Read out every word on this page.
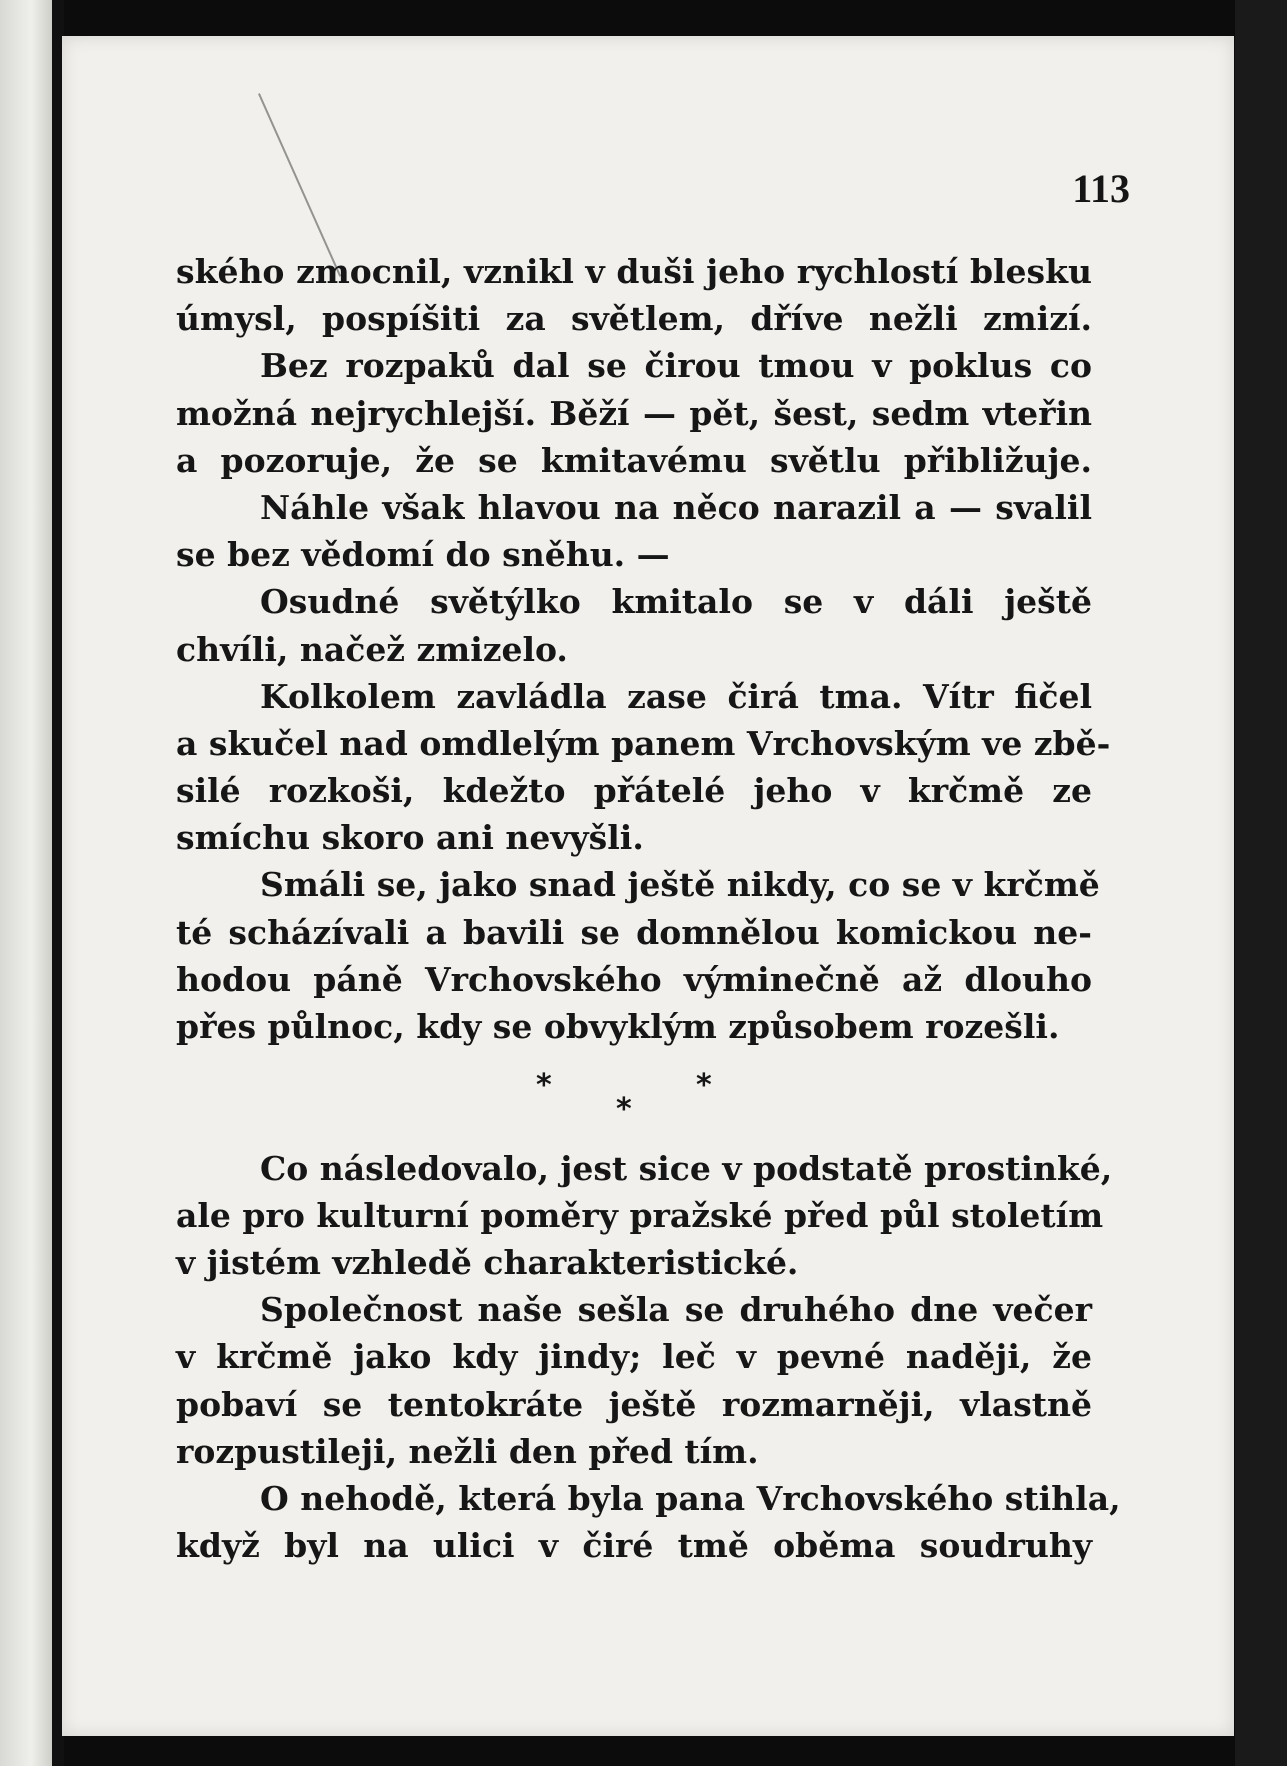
113
ského zmocnil, vznikl v duši jeho rychlostí blesku
úmysl, pospíšiti za světlem, dříve nežli zmizí.
Bez rozpaků dal se čirou tmou v poklus co
možná nejrychlejší. Běží — pět, šest, sedm vteřin
a pozoruje, že se kmitavému světlu přibližuje.
Náhle však hlavou na něco narazil a — svalil
se bez vědomí do sněhu. —
Osudné světýlko kmitalo se v dáli ještě
chvíli, načež zmizelo.
Kolkolem zavládla zase čirá tma. Vítr fičel
a skučel nad omdlelým panem Vrchovským ve zbě-
silé rozkoši, kdežto přátelé jeho v krčmě ze
smíchu skoro ani nevyšli.
Smáli se, jako snad ještě nikdy, co se v krčmě
té scházívali a bavili se domnělou komickou ne-
hodou páně Vrchovského výminečně až dlouho
přes půlnoc, kdy se obvyklým způsobem rozešli.
*
*
*
Co následovalo, jest sice v podstatě prostinké,
ale pro kulturní poměry pražské před půl stoletím
v jistém vzhledě charakteristické.
Společnost naše sešla se druhého dne večer
v krčmě jako kdy jindy; leč v pevné naději, že
pobaví se tentokráte ještě rozmarněji, vlastně
rozpustileji, nežli den před tím.
O nehodě, která byla pana Vrchovského stihla,
když byl na ulici v čiré tmě oběma soudruhy
